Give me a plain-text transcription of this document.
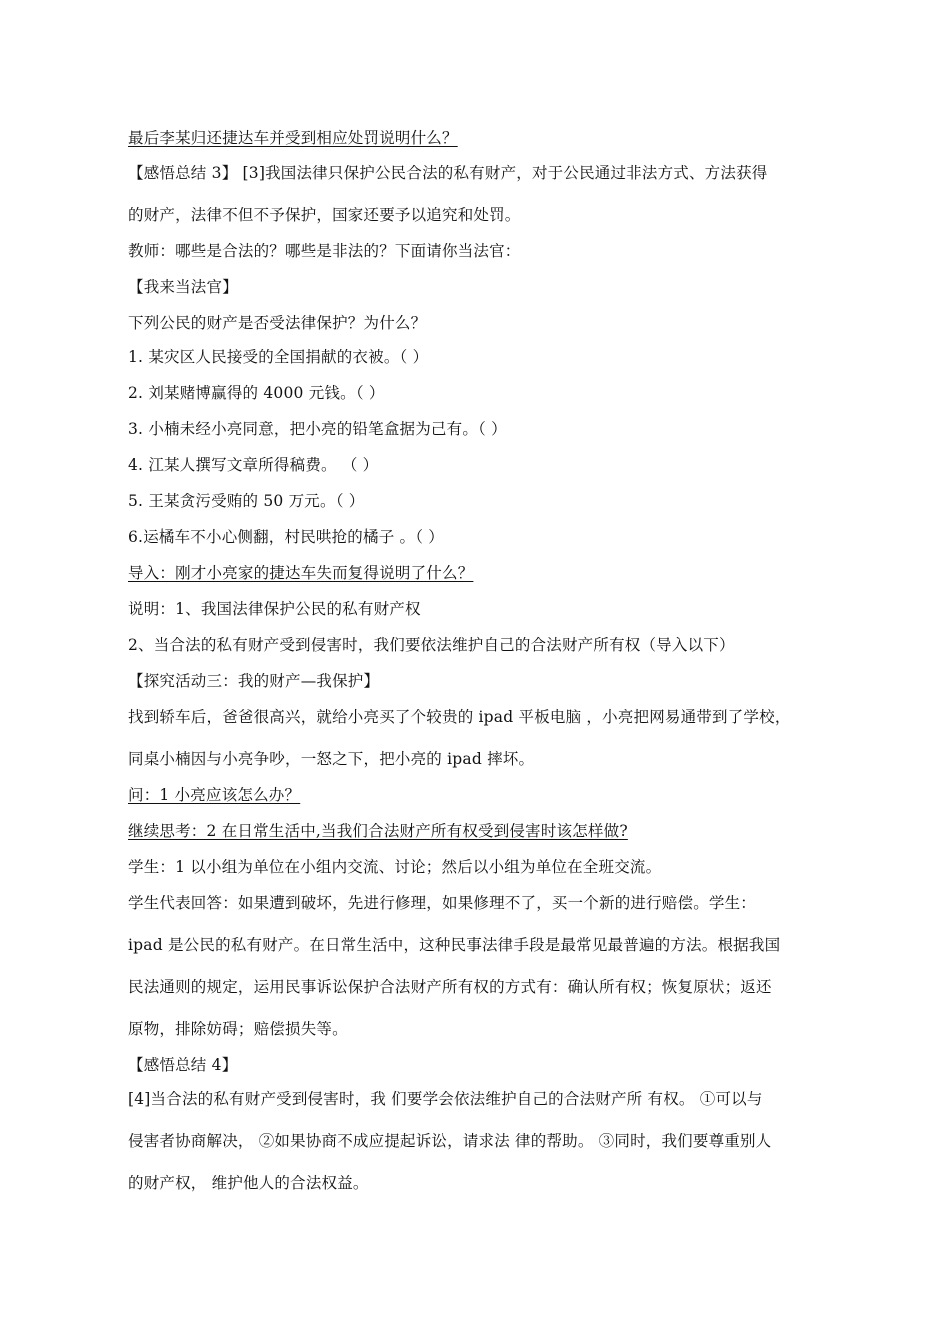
最后李某归还捷达车并受到相应处罚说明什么？
【感悟总结 3】 [3]我国法律只保护公民合法的私有财产，对于公民通过非法方式、方法获得
的财产，法律不但不予保护，国家还要予以追究和处罚。
教师：哪些是合法的？哪些是非法的？下面请你当法官：
【我来当法官】
下列公民的财产是否受法律保护？为什么？
1. 某灾区人民接受的全国捐献的衣被。（ ）
2. 刘某赌博赢得的 4000 元钱。（ ）
3. 小楠未经小亮同意，把小亮的铅笔盒据为己有。（ ）
4. 江某人撰写文章所得稿费。 （ ）
5. 王某贪污受贿的 50 万元。（ ）
6.运橘车不小心侧翻，村民哄抢的橘子 。（ ）
导入：刚才小亮家的捷达车失而复得说明了什么？
说明：1、我国法律保护公民的私有财产权
2、当合法的私有财产受到侵害时，我们要依法维护自己的合法财产所有权（导入以下）
【探究活动三：我的财产—我保护】
找到轿车后，爸爸很高兴，就给小亮买了个较贵的 ipad 平板电脑 ，小亮把网易通带到了学校，
同桌小楠因与小亮争吵，一怒之下，把小亮的 ipad 摔坏。
问：1 小亮应该怎么办？
继续思考：2 在日常生活中,当我们合法财产所有权受到侵害时该怎样做?
学生：1 以小组为单位在小组内交流、讨论；然后以小组为单位在全班交流。
学生代表回答：如果遭到破坏，先进行修理，如果修理不了，买一个新的进行赔偿。学生：
ipad 是公民的私有财产。在日常生活中，这种民事法律手段是最常见最普遍的方法。根据我国
民法通则的规定，运用民事诉讼保护合法财产所有权的方式有：确认所有权；恢复原状；返还
原物，排除妨碍；赔偿损失等。
【感悟总结 4】
[4]当合法的私有财产受到侵害时，我 们要学会依法维护自己的合法财产所 有权。 ①可以与
侵害者协商解决， ②如果协商不成应提起诉讼，请求法 律的帮助。 ③同时，我们要尊重别人
的财产权， 维护他人的合法权益。
